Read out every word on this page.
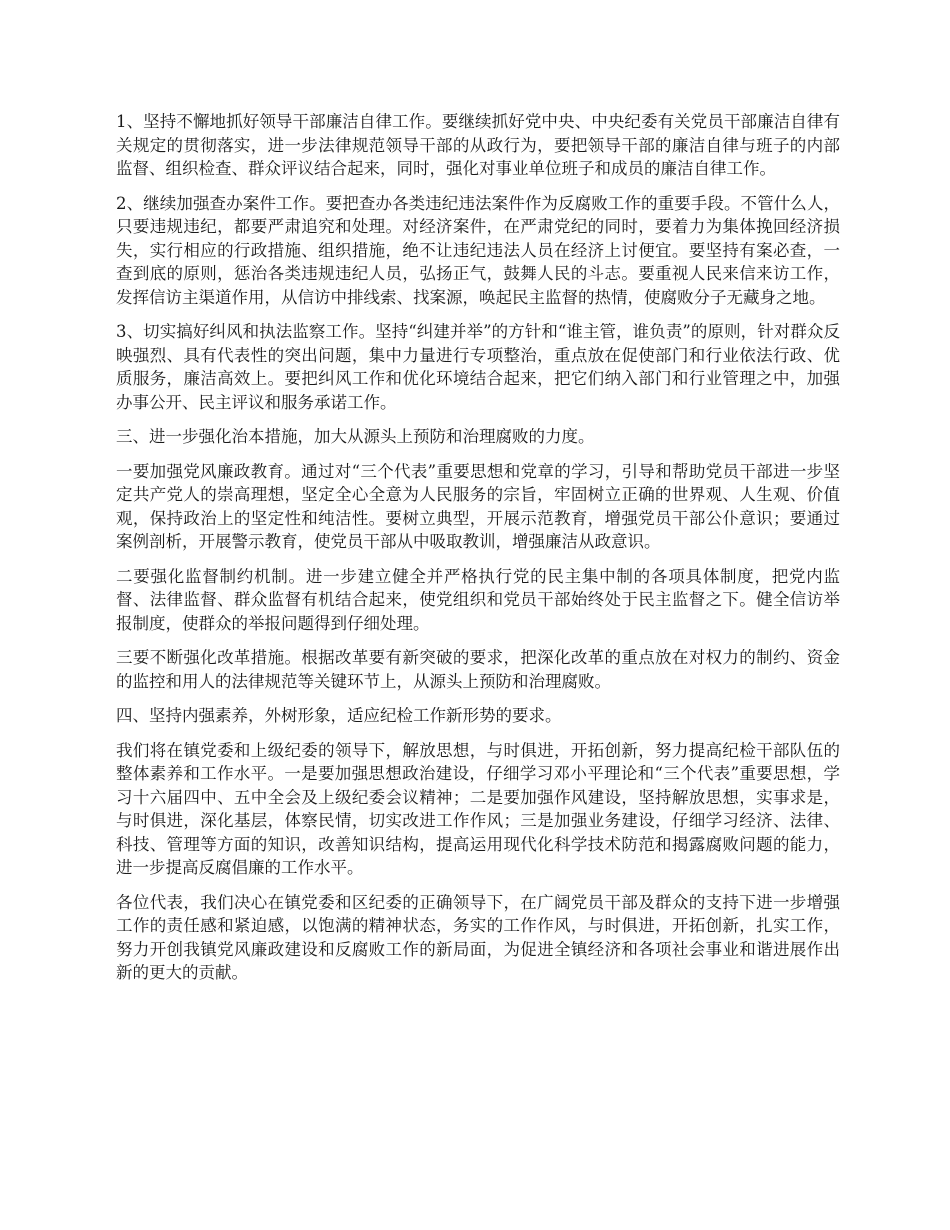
1、坚持不懈地抓好领导干部廉洁自律工作。要继续抓好党中央、中央纪委有关党员干部廉洁自律有关规定的贯彻落实，进一步法律规范领导干部的从政行为，要把领导干部的廉洁自律与班子的内部监督、组织检查、群众评议结合起来，同时，强化对事业单位班子和成员的廉洁自律工作。

2、继续加强查办案件工作。要把查办各类违纪违法案件作为反腐败工作的重要手段。不管什么人，只要违规违纪，都要严肃追究和处理。对经济案件，在严肃党纪的同时，要着力为集体挽回经济损失，实行相应的行政措施、组织措施，绝不让违纪违法人员在经济上讨便宜。要坚持有案必查，一查到底的原则，惩治各类违规违纪人员，弘扬正气，鼓舞人民的斗志。要重视人民来信来访工作，发挥信访主渠道作用，从信访中排线索、找案源，唤起民主监督的热情，使腐败分子无藏身之地。

3、切实搞好纠风和执法监察工作。坚持“纠建并举”的方针和“谁主管，谁负责”的原则，针对群众反映强烈、具有代表性的突出问题，集中力量进行专项整治，重点放在促使部门和行业依法行政、优质服务，廉洁高效上。要把纠风工作和优化环境结合起来，把它们纳入部门和行业管理之中，加强办事公开、民主评议和服务承诺工作。

三、进一步强化治本措施，加大从源头上预防和治理腐败的力度。

一要加强党风廉政教育。通过对“三个代表”重要思想和党章的学习，引导和帮助党员干部进一步坚定共产党人的崇高理想，坚定全心全意为人民服务的宗旨，牢固树立正确的世界观、人生观、价值观，保持政治上的坚定性和纯洁性。要树立典型，开展示范教育，增强党员干部公仆意识；要通过案例剖析，开展警示教育，使党员干部从中吸取教训，增强廉洁从政意识。

二要强化监督制约机制。进一步建立健全并严格执行党的民主集中制的各项具体制度，把党内监督、法律监督、群众监督有机结合起来，使党组织和党员干部始终处于民主监督之下。健全信访举报制度，使群众的举报问题得到仔细处理。

三要不断强化改革措施。根据改革要有新突破的要求，把深化改革的重点放在对权力的制约、资金的监控和用人的法律规范等关键环节上，从源头上预防和治理腐败。

四、坚持内强素养，外树形象，适应纪检工作新形势的要求。

我们将在镇党委和上级纪委的领导下，解放思想，与时俱进，开拓创新，努力提高纪检干部队伍的整体素养和工作水平。一是要加强思想政治建设，仔细学习邓小平理论和“三个代表”重要思想，学习十六届四中、五中全会及上级纪委会议精神；二是要加强作风建设，坚持解放思想，实事求是，与时俱进，深化基层，体察民情，切实改进工作作风；三是加强业务建设，仔细学习经济、法律、科技、管理等方面的知识，改善知识结构，提高运用现代化科学技术防范和揭露腐败问题的能力，进一步提高反腐倡廉的工作水平。

各位代表，我们决心在镇党委和区纪委的正确领导下，在广阔党员干部及群众的支持下进一步增强工作的责任感和紧迫感，以饱满的精神状态，务实的工作作风，与时俱进，开拓创新，扎实工作，努力开创我镇党风廉政建设和反腐败工作的新局面，为促进全镇经济和各项社会事业和谐进展作出新的更大的贡献。
